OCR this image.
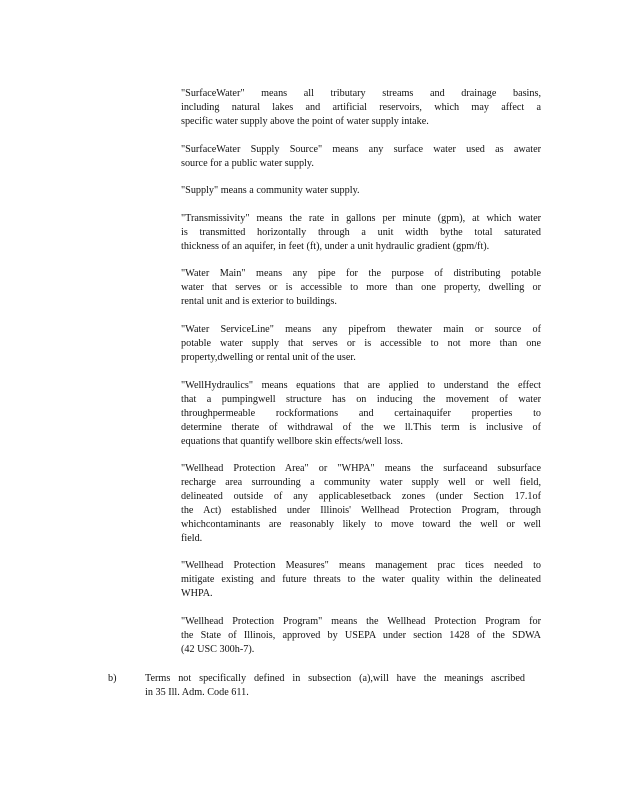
"SurfaceWater" means all tributary streams and drainage basins,
including natural lakes and artificial reservoirs, which may affect a
specific water supply above the point of water supply intake.
"SurfaceWater Supply Source" means any surface water used as awater
source for a public water supply.
"Supply" means a community water supply.
"Transmissivity" means the rate in gallons per minute (gpm), at which water
is transmitted horizontally through a unit width bythe total saturated
thickness of an aquifer, in feet (ft), under a unit hydraulic gradient (gpm/ft).
"Water Main" means any pipe for the purpose of distributing potable
water that serves or is accessible to more than one property, dwelling or
rental unit and is exterior to buildings.
"Water ServiceLine" means any pipefrom thewater main or source of
potable water supply that serves or is accessible to not more than one
property,dwelling or rental unit of the user.
"WellHydraulics" means equations that are applied to understand the effect
that a pumpingwell structure has on inducing the movement of water
throughpermeable rockformations and certainaquifer properties to
determine therate of withdrawal of the we ll.This term is inclusive of
equations that quantify wellbore skin effects/well loss.
"Wellhead Protection Area" or "WHPA" means the surfaceand subsurface
recharge area surrounding a community water supply well or well field,
delineated outside of any applicablesetback zones (under Section 17.1of
the Act) established under Illinois' Wellhead Protection Program, through
whichcontaminants are reasonably likely to move toward the well or well
field.
"Wellhead Protection Measures" means management prac tices needed to
mitigate existing and future threats to the water quality within the delineated
WHPA.
"Wellhead Protection Program" means the Wellhead Protection Program for
the State of Illinois, approved by USEPA under section 1428 of the SDWA
(42 USC 300h-7).
b)	Terms not specifically defined in subsection (a),will have the meanings ascribed
in 35 Ill. Adm. Code 611.
